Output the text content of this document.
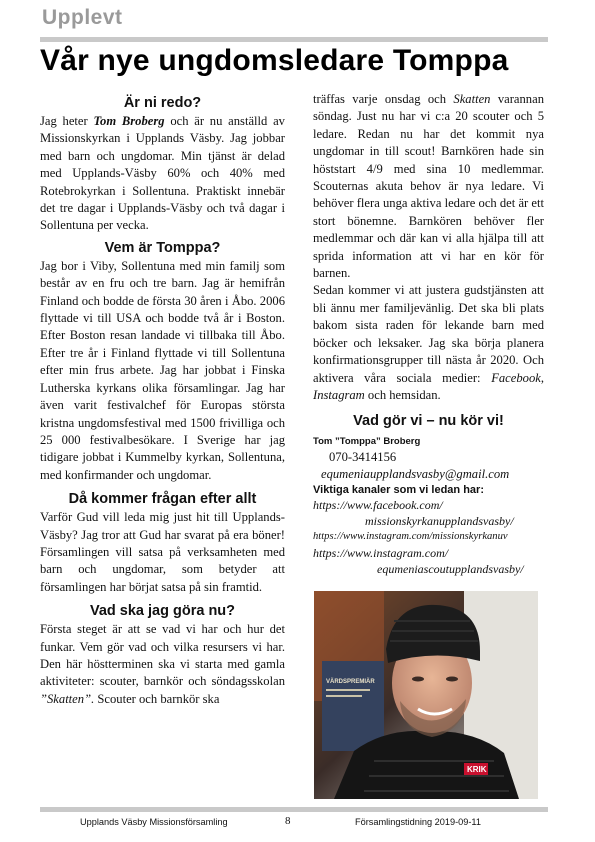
Upplevt
Vår nye ungdomsledare Tomppa
Är ni redo?

Jag heter Tom Broberg och är nu anställd av Missionskyrkan i Upplands Väsby. Jag jobbar med barn och ungdomar. Min tjänst är delad med Upplands-Väsby 60% och 40% med Rotebrokyrkan i Sollentuna. Praktiskt innebär det tre dagar i Upplands-Väsby och två dagar i Sollentuna per vecka.

Vem är Tomppa?

Jag bor i Viby, Sollentuna med min familj som består av en fru och tre barn. Jag är hemifrån Finland och bodde de första 30 åren i Åbo. 2006 flyttade vi till USA och bodde två år i Boston. Efter Boston resan landade vi tillbaka till Åbo. Efter tre år i Finland flyttade vi till Sollentuna efter min frus arbete. Jag har jobbat i Finska Lutherska kyrkans olika församlingar. Jag har även varit festivalchef för Europas största kristna ungdomsfestival med 1500 frivilliga och 25 000 festivalbesökare. I Sverige har jag tidigare jobbat i Kummelby kyrkan, Sollentuna, med konfirmander och ungdomar.

Då kommer frågan efter allt

Varför Gud vill leda mig just hit till Upplands-Väsby? Jag tror att Gud har svarat på era böner! Församlingen vill satsa på verksamheten med barn och ungdomar, som betyder att församlingen har börjat satsa på sin framtid.

Vad ska jag göra nu?

Första steget är att se vad vi har och hur det funkar. Vem gör vad och vilka resursers vi har. Den här höstterminen ska vi starta med gamla aktiviteter: scouter, barnkör och söndagsskolan ”Skatten”. Scouter och barnkör ska

träffas varje onsdag och Skatten varannan söndag. Just nu har vi c:a 20 scouter och 5 ledare. Redan nu har det kommit nya ungdomar in till scout! Barnkören hade sin höststart 4/9 med sina 10 medlemmar. Scouternas akuta behov är nya ledare. Vi behöver flera unga aktiva ledare och det är ett stort bönemne. Barnkören behöver fler medlemmar och där kan vi alla hjälpa till att sprida information att vi har en kör för barnen.

Sedan kommer vi att justera gudstjänsten att bli ännu mer familjevänlig. Det ska bli plats bakom sista raden för lekande barn med böcker och leksaker. Jag ska börja planera konfirmationsgrupper till nästa år 2020. Och aktivera våra sociala medier: Facebook, Instagram och hemsidan.

Vad gör vi – nu kör vi!
Tom ”Tomppa” Broberg
070-3414156
equmeniaupplandsvasby@gmail.com
Viktiga kanaler som vi ledan har:
https://www.facebook.com/
missionskyrkanupplandsvasby/
https://www.instagram.com/missionskyrkanuv
https://www.instagram.com/
equmeniascoutupplandsvasby/
VÄRDSPREMIÄR
KRIK
Upplands Väsby Missionsförsamling	8	Församlingstidning 2019-09-11
